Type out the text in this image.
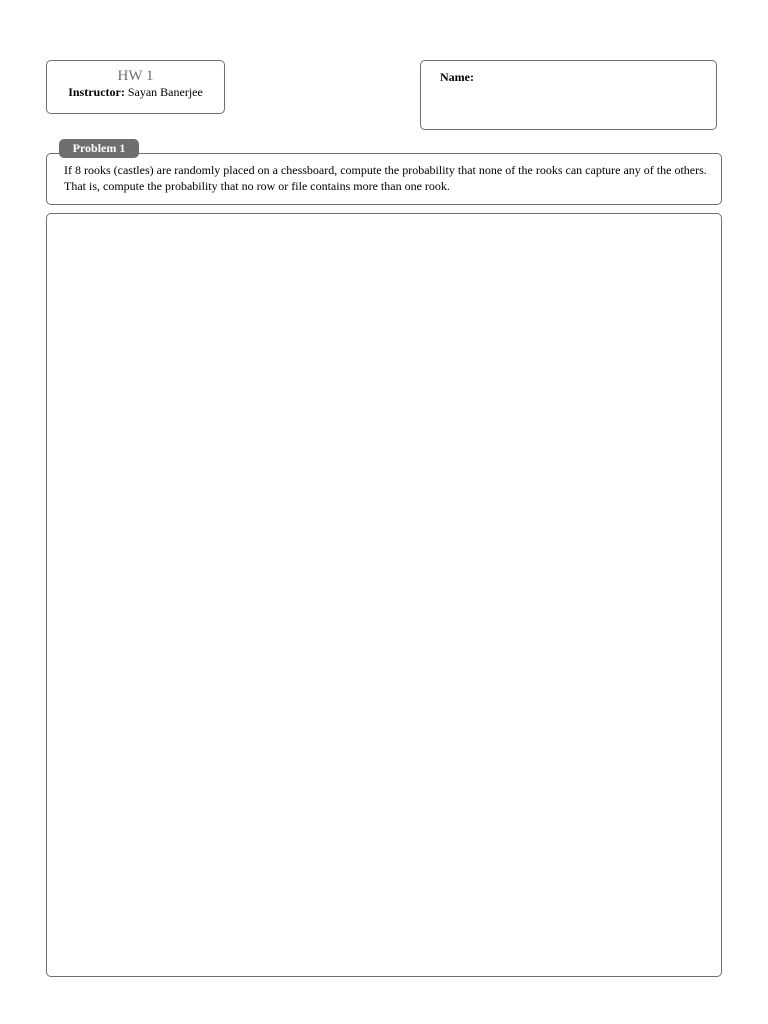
HW 1
Instructor: Sayan Banerjee
Name:
If 8 rooks (castles) are randomly placed on a chessboard, compute the probability that none of the rooks can capture any of the others. That is, compute the probability that no row or file contains more than one rook.
Problem 1
